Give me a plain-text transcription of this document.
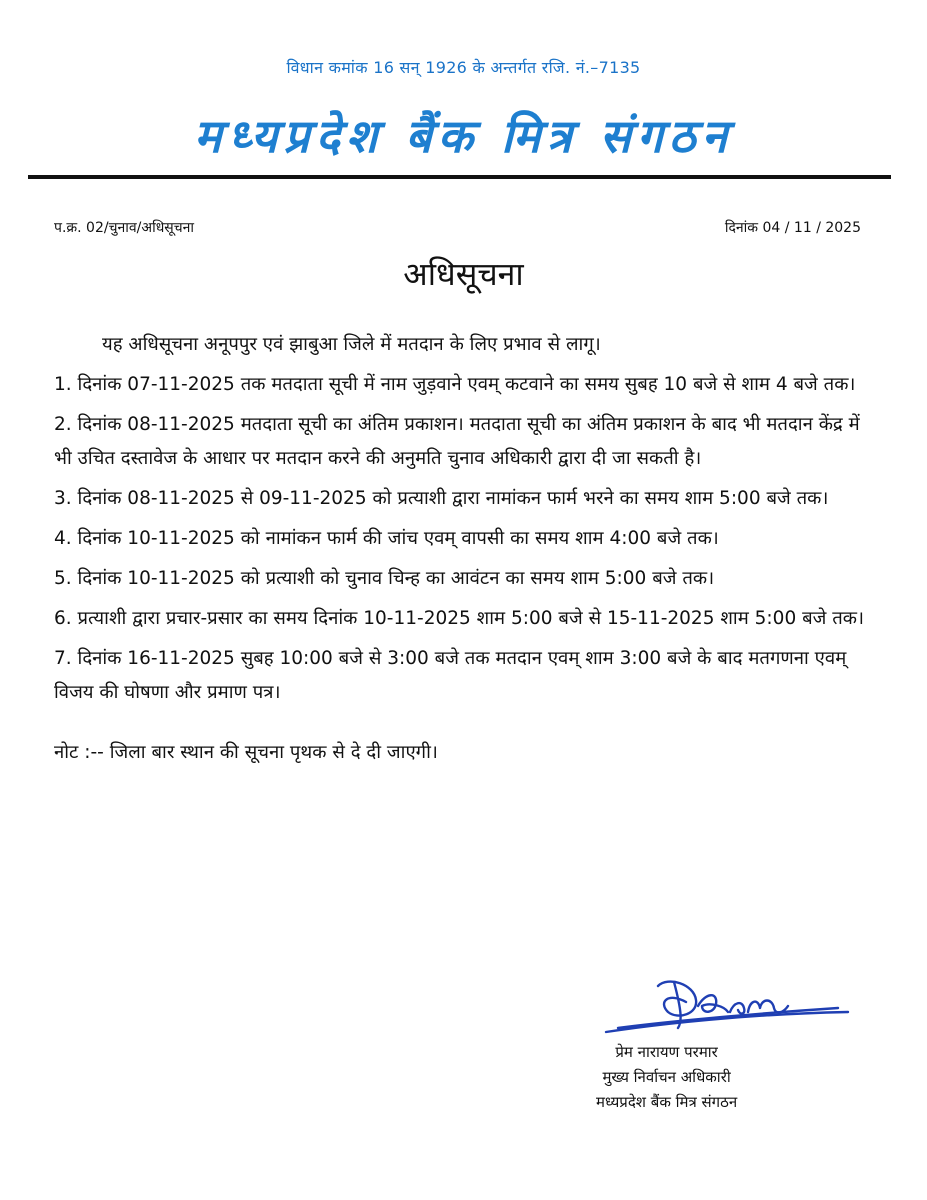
विधान कमांक 16 सन् 1926 के अन्तर्गत रजि. नं.–7135
मध्यप्रदेश बैंक मित्र संगठन
प.क्र. 02/चुनाव/अधिसूचना	दिनांक 04 / 11 / 2025
अधिसूचना

यह अधिसूचना अनूपपुर एवं झाबुआ जिले में मतदान के लिए प्रभाव से लागू।

1. दिनांक 07-11-2025 तक मतदाता सूची में नाम जुड़वाने एवम् कटवाने का समय सुबह 10 बजे से शाम 4 बजे तक।

2. दिनांक 08-11-2025 मतदाता सूची का अंतिम प्रकाशन। मतदाता सूची का अंतिम प्रकाशन के बाद भी मतदान केंद्र में भी उचित दस्तावेज के आधार पर मतदान करने की अनुमति चुनाव अधिकारी द्वारा दी जा सकती है।

3. दिनांक 08-11-2025 से 09-11-2025 को प्रत्याशी द्वारा नामांकन फार्म भरने का समय शाम 5:00 बजे तक।

4. दिनांक 10-11-2025 को नामांकन फार्म की जांच एवम् वापसी का समय शाम 4:00 बजे तक।

5. दिनांक 10-11-2025 को प्रत्याशी को चुनाव चिन्ह का आवंटन का समय शाम 5:00 बजे तक।

6. प्रत्याशी द्वारा प्रचार-प्रसार का समय दिनांक 10-11-2025 शाम 5:00 बजे से 15-11-2025 शाम 5:00 बजे तक।

7. दिनांक 16-11-2025 सुबह 10:00 बजे से 3:00 बजे तक मतदान एवम् शाम 3:00 बजे के बाद मतगणना एवम् विजय की घोषणा और प्रमाण पत्र।

नोट :-- जिला बार स्थान की सूचना पृथक से दे दी जाएगी।

प्रेम नारायण परमार
मुख्य निर्वाचन अधिकारी
मध्यप्रदेश बैंक मित्र संगठन
